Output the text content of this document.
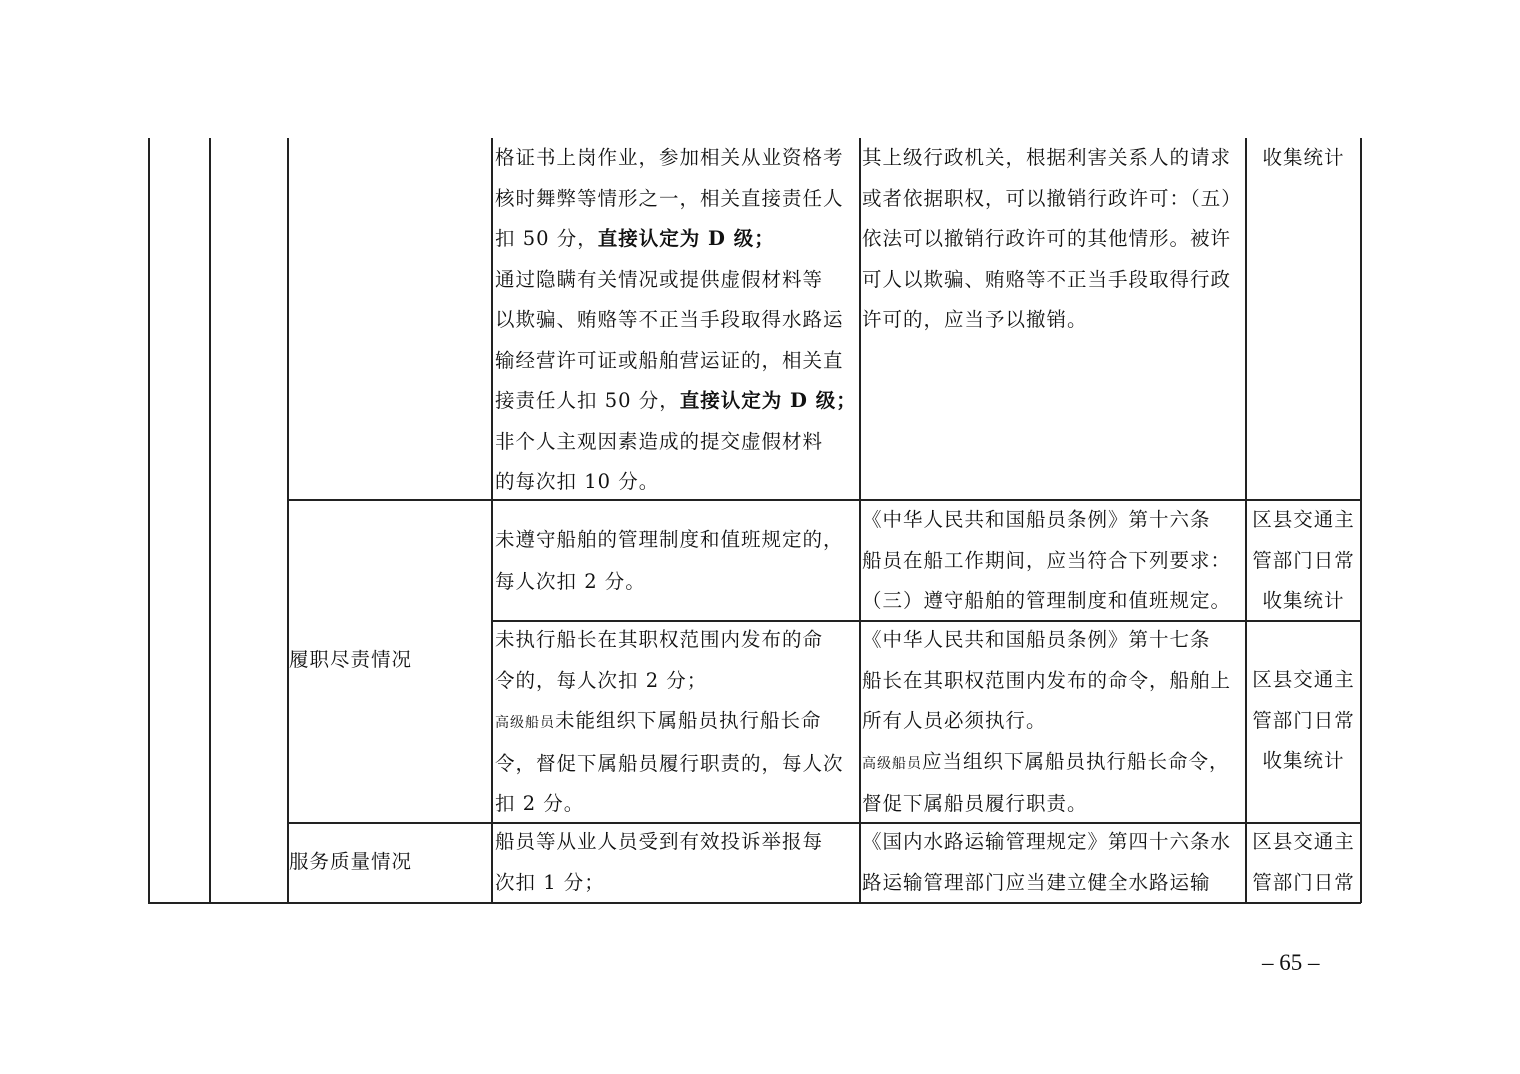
格证书上岗作业，参加相关从业资格考
核时舞弊等情形之一，相关直接责任人
扣 50 分，直接认定为 D 级；
通过隐瞒有关情况或提供虚假材料等
以欺骗、贿赂等不正当手段取得水路运
输经营许可证或船舶营运证的，相关直
接责任人扣 50 分，直接认定为 D 级；
非个人主观因素造成的提交虚假材料
的每次扣 10 分。
其上级行政机关，根据利害关系人的请求
或者依据职权，可以撤销行政许可：（五）
依法可以撤销行政许可的其他情形。被许
可人以欺骗、贿赂等不正当手段取得行政
许可的，应当予以撤销。
收集统计
履职尽责情况
未遵守船舶的管理制度和值班规定的，
每人次扣 2 分。
《中华人民共和国船员条例》第十六条
船员在船工作期间，应当符合下列要求：
（三）遵守船舶的管理制度和值班规定。
区县交通主
管部门日常
收集统计
未执行船长在其职权范围内发布的命
令的，每人次扣 2 分；
高级船员未能组织下属船员执行船长命
令，督促下属船员履行职责的，每人次
扣 2 分。
《中华人民共和国船员条例》第十七条
船长在其职权范围内发布的命令，船舶上
所有人员必须执行。
高级船员应当组织下属船员执行船长命令，
督促下属船员履行职责。
区县交通主
管部门日常
收集统计
服务质量情况
船员等从业人员受到有效投诉举报每
次扣 1 分；
《国内水路运输管理规定》第四十六条水
路运输管理部门应当建立健全水路运输
区县交通主
管部门日常
– 65 –
